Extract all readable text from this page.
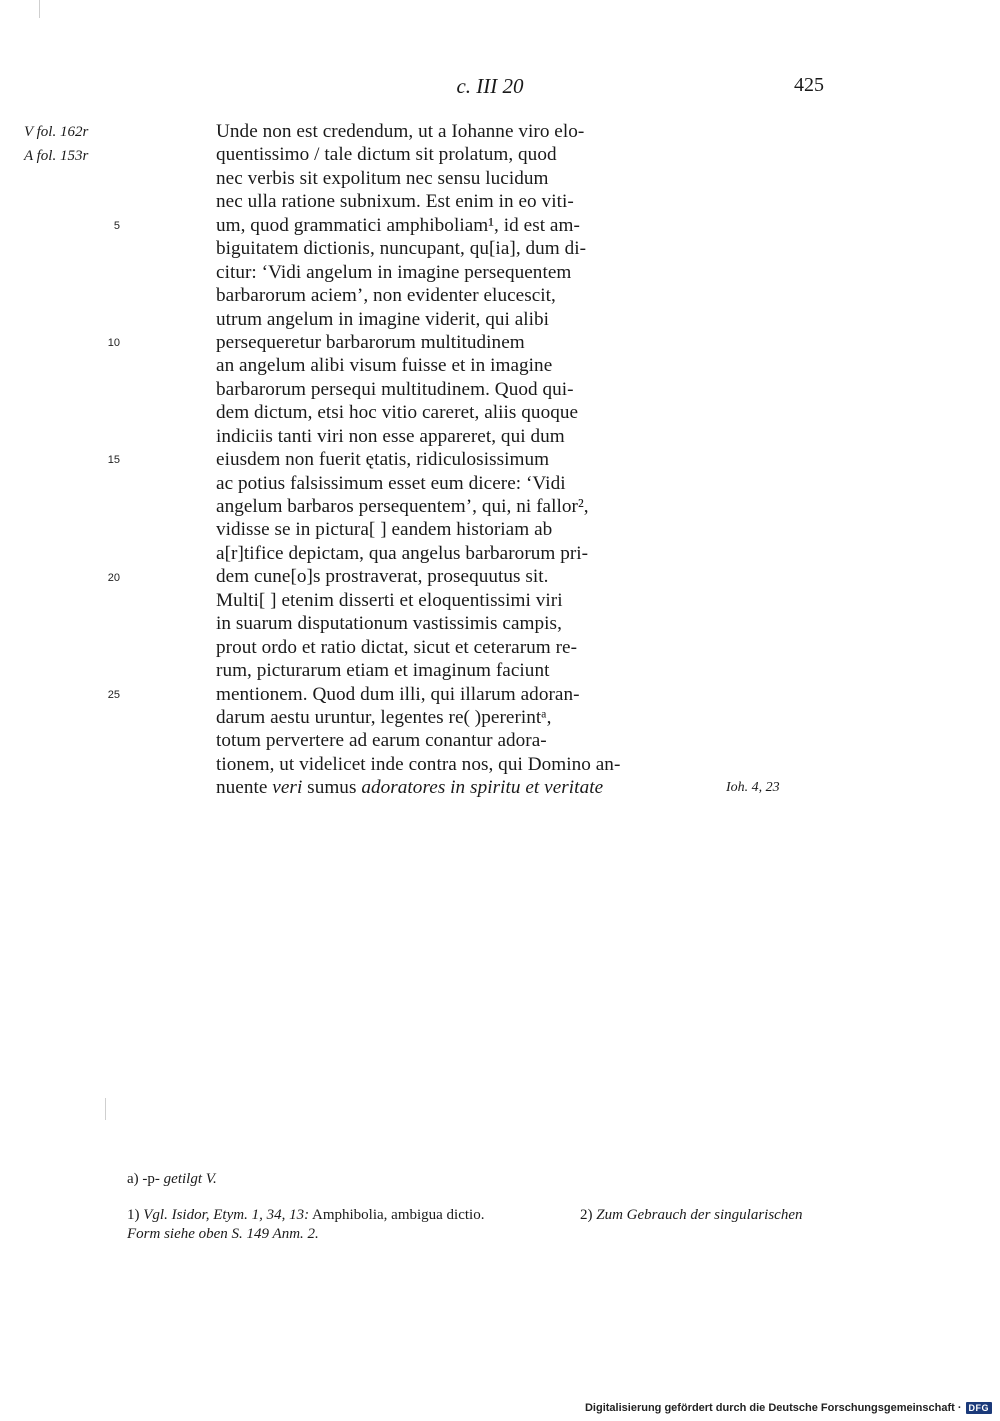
c. III 20	425
V fol. 162r
A fol. 153r
5
10
15
20
25
Unde non est credendum, ut a Iohanne viro elo-
quentissimo / tale dictum sit prolatum, quod
nec verbis sit expolitum nec sensu lucidum
nec ulla ratione subnixum. Est enim in eo viti-
um, quod grammatici amphiboliam¹, id est am-
biguitatem dictionis, nuncupant, qu[ia], dum di-
citur: ‘Vidi angelum in imagine persequentem
barbarorum aciem’, non evidenter elucescit,
utrum angelum in imagine viderit, qui alibi
persequeretur barbarorum multitudinem
an angelum alibi visum fuisse et in imagine
barbarorum persequi multitudinem. Quod qui-
dem dictum, etsi hoc vitio careret, aliis quoque
indiciis tanti viri non esse appareret, qui dum
eiusdem non fuerit ętatis, ridiculosissimum
ac potius falsissimum esset eum dicere: ‘Vidi
angelum barbaros persequentem’, qui, ni fallor²,
vidisse se in pictura[ ] eandem historiam ab
a[r]tifice depictam, qua angelus barbarorum pri-
dem cune[o]s prostraverat, prosequutus sit.
Multi[ ] etenim disserti et eloquentissimi viri
in suarum disputationum vastissimis campis,
prout ordo et ratio dictat, sicut et ceterarum re-
rum, picturarum etiam et imaginum faciunt
mentionem. Quod dum illi, qui illarum adoran-
darum aestu uruntur, legentes re( )pererintᵃ,
totum pervertere ad earum conantur adora-
tionem, ut videlicet inde contra nos, qui Domino an-
nuente veri sumus adoratores in spiritu et veritate	Ioh. 4, 23
a) -p- getilgt V.
1) Vgl. Isidor, Etym. 1, 34, 13: Amphibolia, ambigua dictio.	2) Zum Gebrauch der singularischen
Form siehe oben S. 149 Anm. 2.
Digitalisierung gefördert durch die Deutsche Forschungsgemeinschaft · DFG
